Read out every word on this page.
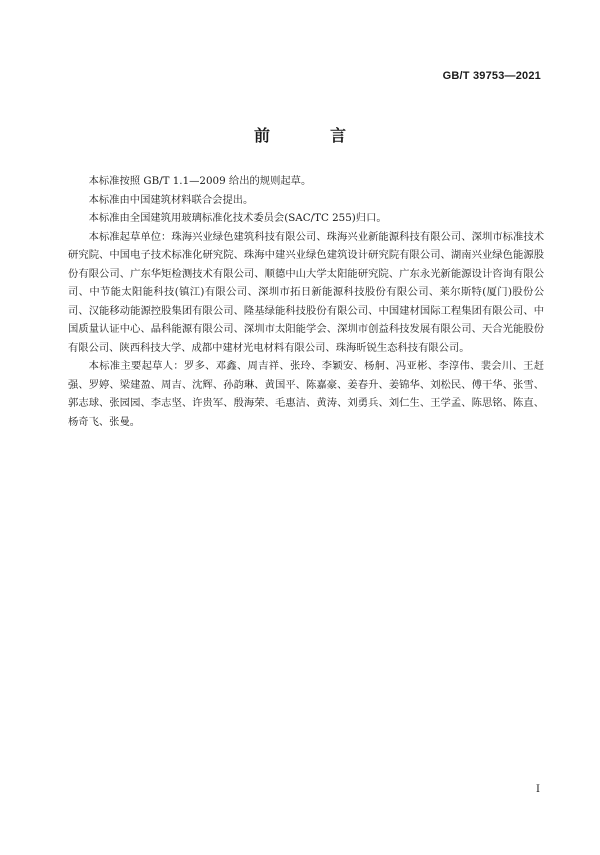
GB/T 39753—2021
前　言

本标准按照 GB/T 1.1—2009 给出的规则起草。

本标准由中国建筑材料联合会提出。

本标准由全国建筑用玻璃标准化技术委员会(SAC/TC 255)归口。

本标准起草单位：珠海兴业绿色建筑科技有限公司、珠海兴业新能源科技有限公司、深圳市标准技术研究院、中国电子技术标准化研究院、珠海中建兴业绿色建筑设计研究院有限公司、湖南兴业绿色能源股份有限公司、广东华矩检测技术有限公司、顺德中山大学太阳能研究院、广东永光新能源设计咨询有限公司、中节能太阳能科技(镇江)有限公司、深圳市拓日新能源科技股份有限公司、莱尔斯特(厦门)股份公司、汉能移动能源控股集团有限公司、隆基绿能科技股份有限公司、中国建材国际工程集团有限公司、中国质量认证中心、晶科能源有限公司、深圳市太阳能学会、深圳市创益科技发展有限公司、天合光能股份有限公司、陕西科技大学、成都中建材光电材料有限公司、珠海昕锐生态科技有限公司。

本标准主要起草人：罗多、邓鑫、周吉祥、张玲、李颖安、杨舸、冯亚彬、李淳伟、裴会川、王赶强、罗婷、梁建盈、周吉、沈辉、孙韵琳、黄国平、陈嘉豪、姜春升、姜锦华、刘松民、傅干华、张雪、郭志球、张园园、李志坚、许贵军、殷海荣、毛惠洁、黄涛、刘勇兵、刘仁生、王学孟、陈思铭、陈直、杨奇飞、张曼。

I
